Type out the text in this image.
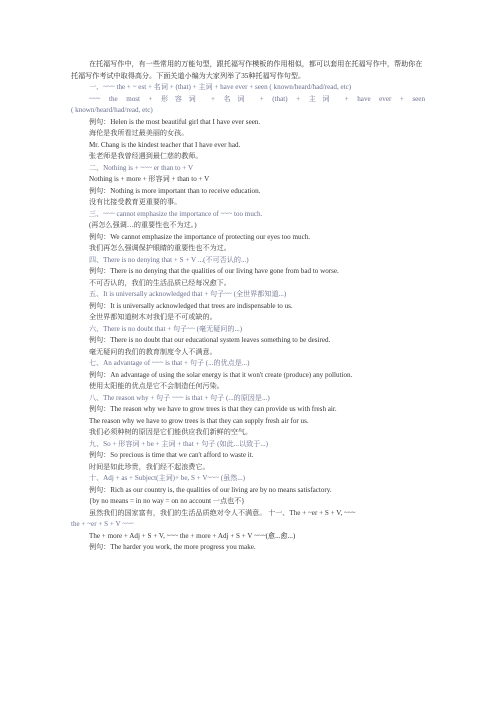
在托福写作中，有一些常用的万能句型，跟托福写作模板的作用相似，都可以套用在托福写作中，帮助你在托福写作考试中取得高分。下面关道小编为大家列举了35种托福写作句型。

一、~~~ the + ~ est + 名词 + (that) + 主词 + have ever + seen ( known/heard/had/read, etc)

~~~ the most + 形容词 + 名词 + (that) + 主词 + have ever + seen

( known/heard/had/read, etc)

例句：Helen is the most beautiful girl that I have ever seen.

海伦是我所看过最美丽的女孩。

Mr. Chang is the kindest teacher that I have ever had.

张老师是我曾经遇到最仁慈的教师。

二、Nothing is + ~~~ er than to + V

Nothing is + more + 形容词 + than to + V

例句：Nothing is more important than to receive education.

没有比接受教育更重要的事。

三、~~~ cannot emphasize the importance of ~~~ too much.

(再怎么强调…的重要性也不为过。)

例句：We cannot emphasize the importance of protecting our eyes too much.

我们再怎么强调保护眼睛的重要性也不为过。

四、There is no denying that + S + V ...(不可否认的...)

例句：There is no denying that the qualities of our living have gone from bad to worse.

不可否认的，我们的生活品质已经每况愈下。

五、It is universally acknowledged that + 句子~~ (全世界都知道...)

例句：It is universally acknowledged that trees are indispensable to us.

全世界都知道树木对我们是不可或缺的。

六、There is no doubt that + 句子~~ (毫无疑问的...)

例句：There is no doubt that our educational system leaves something to be desired.

毫无疑问的我们的教育制度令人不满意。

七、An advantage of ~~~ is that + 句子 (...的优点是...)

例句：An advantage of using the solar energy is that it won't create (produce) any pollution.

使用太阳能的优点是它不会制造任何污染。

八、The reason why + 句子 ~~~ is that + 句子 (...的原因是...)

例句：The reason why we have to grow trees is that they can provide us with fresh air.

The reason why we have to grow trees is that they can supply fresh air for us.

我们必须种树的原因是它们能供应我们新鲜的空气。

九、So + 形容词 + be + 主词 + that + 句子 (如此...以致于...)

例句：So precious is time that we can't afford to waste it.

时间是如此珍贵，我们经不起浪费它。

十、Adj + as + Subject(主词)+ be, S + V~~~ (虽然...)

例句：Rich as our country is, the qualities of our living are by no means satisfactory.

{by no means = in no way = on no account 一点也不}

虽然我们的国家富有，我们的生活品质绝对令人不满意。 十一、The + ~er + S + V, ~~~

the + ~er + S + V ~~~

The + more + Adj + S + V, ~~~ the + more + Adj + S + V ~~~(愈...愈...)

例句：The harder you work, the more progress you make.
